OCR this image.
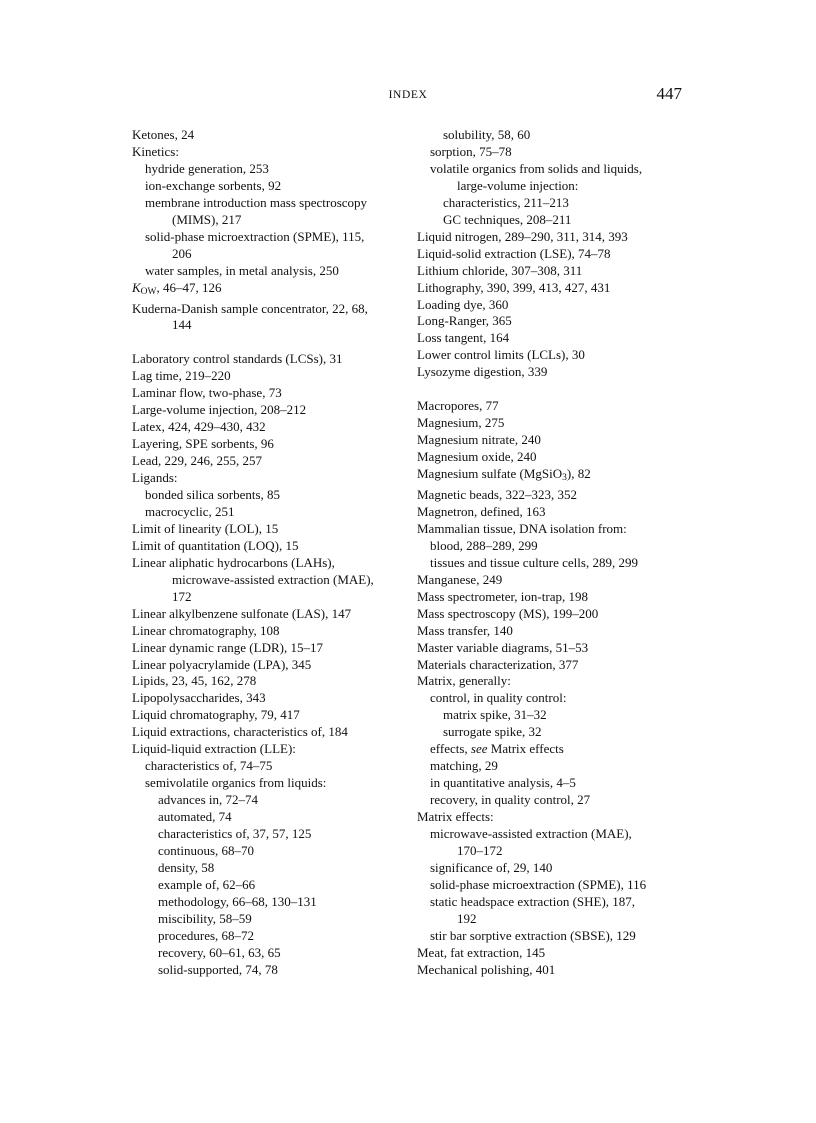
INDEX	447
Ketones, 24
Kinetics:
hydride generation, 253
ion-exchange sorbents, 92
membrane introduction mass spectroscopy
(MIMS), 217
solid-phase microextraction (SPME), 115,
206
water samples, in metal analysis, 250
$K_{OW}$, 46–47, 126
Kuderna-Danish sample concentrator, 22, 68,
144
Laboratory control standards (LCSs), 31
Lag time, 219–220
Laminar flow, two-phase, 73
Large-volume injection, 208–212
Latex, 424, 429–430, 432
Layering, SPE sorbents, 96
Lead, 229, 246, 255, 257
Ligands:
bonded silica sorbents, 85
macrocyclic, 251
Limit of linearity (LOL), 15
Limit of quantitation (LOQ), 15
Linear aliphatic hydrocarbons (LAHs),
microwave-assisted extraction (MAE),
172
Linear alkylbenzene sulfonate (LAS), 147
Linear chromatography, 108
Linear dynamic range (LDR), 15–17
Linear polyacrylamide (LPA), 345
Lipids, 23, 45, 162, 278
Lipopolysaccharides, 343
Liquid chromatography, 79, 417
Liquid extractions, characteristics of, 184
Liquid-liquid extraction (LLE):
characteristics of, 74–75
semivolatile organics from liquids:
advances in, 72–74
automated, 74
characteristics of, 37, 57, 125
continuous, 68–70
density, 58
example of, 62–66
methodology, 66–68, 130–131
miscibility, 58–59
procedures, 68–72
recovery, 60–61, 63, 65
solid-supported, 74, 78
solubility, 58, 60
sorption, 75–78
volatile organics from solids and liquids,
large-volume injection:
characteristics, 211–213
GC techniques, 208–211
Liquid nitrogen, 289–290, 311, 314, 393
Liquid-solid extraction (LSE), 74–78
Lithium chloride, 307–308, 311
Lithography, 390, 399, 413, 427, 431
Loading dye, 360
Long-Ranger, 365
Loss tangent, 164
Lower control limits (LCLs), 30
Lysozyme digestion, 339
Macropores, 77
Magnesium, 275
Magnesium nitrate, 240
Magnesium oxide, 240
Magnesium sulfate (MgSiO$_3$), 82
Magnetic beads, 322–323, 352
Magnetron, defined, 163
Mammalian tissue, DNA isolation from:
blood, 288–289, 299
tissues and tissue culture cells, 289, 299
Manganese, 249
Mass spectrometer, ion-trap, 198
Mass spectroscopy (MS), 199–200
Mass transfer, 140
Master variable diagrams, 51–53
Materials characterization, 377
Matrix, generally:
control, in quality control:
matrix spike, 31–32
surrogate spike, 32
effects, see Matrix effects
matching, 29
in quantitative analysis, 4–5
recovery, in quality control, 27
Matrix effects:
microwave-assisted extraction (MAE),
170–172
significance of, 29, 140
solid-phase microextraction (SPME), 116
static headspace extraction (SHE), 187,
192
stir bar sorptive extraction (SBSE), 129
Meat, fat extraction, 145
Mechanical polishing, 401
